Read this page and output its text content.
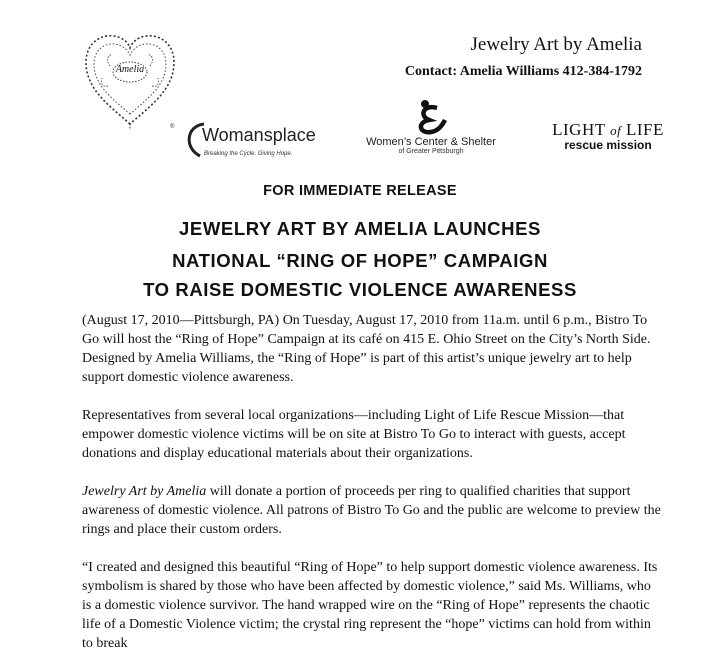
®
Amelia
Jewelry Art by Amelia
Contact: Amelia Williams 412-384-1792
Womansplace
Breaking the Cycle. Giving Hope.
Women’s Center & Shelter
of Greater Pittsburgh
LIGHT of LIFE
rescue mission
FOR IMMEDIATE RELEASE
JEWELRY ART BY AMELIA LAUNCHES
NATIONAL “RING OF HOPE” CAMPAIGN
TO RAISE DOMESTIC VIOLENCE AWARENESS

(August 17, 2010—Pittsburgh, PA) On Tuesday, August 17, 2010 from 11a.m. until 6 p.m., Bistro To Go will host the “Ring of Hope” Campaign at its café on 415 E. Ohio Street on the City’s North Side. Designed by Amelia Williams, the “Ring of Hope” is part of this artist’s unique jewelry art to help support domestic violence awareness.

Representatives from several local organizations—including Light of Life Rescue Mission—that empower domestic violence victims will be on site at Bistro To Go to interact with guests, accept donations and display educational materials about their organizations.

Jewelry Art by Amelia will donate a portion of proceeds per ring to qualified charities that support awareness of domestic violence. All patrons of Bistro To Go and the public are welcome to preview the rings and place their custom orders.

“I created and designed this beautiful “Ring of Hope” to help support domestic violence awareness. Its symbolism is shared by those who have been affected by domestic violence,” said Ms. Williams, who is a domestic violence survivor. The hand wrapped wire on the “Ring of Hope” represents the chaotic life of a Domestic Violence victim; the crystal ring represent the “hope” victims can hold from within to break
